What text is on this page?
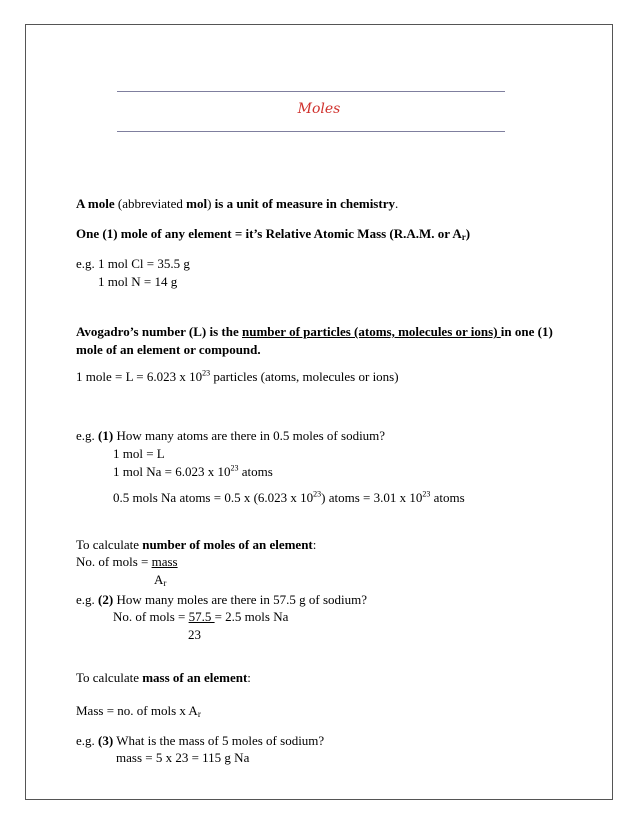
Moles
A mole (abbreviated mol) is a unit of measure in chemistry.
One (1) mole of any element = it’s Relative Atomic Mass (R.A.M. or Ar)
e.g. 1 mol Cl = 35.5 g
1 mol N = 14 g
Avogadro’s number (L) is the number of particles (atoms, molecules or ions) in one (1)
mole of an element or compound.
1 mole = L = 6.023 x $10^{23}$ particles (atoms, molecules or ions)
e.g. (1) How many atoms are there in 0.5 moles of sodium?
1 mol = L
1 mol Na = 6.023 x $10^{23}$ atoms
0.5 mols Na atoms = 0.5 x (6.023 x $10^{23}$) atoms = 3.01 x $10^{23}$ atoms
To calculate number of moles of an element:
No. of mols = mass
Ar
e.g. (2) How many moles are there in 57.5 g of sodium?
No. of mols = 57.5 = 2.5 mols Na
23
To calculate mass of an element:
Mass = no. of mols x Ar
e.g. (3) What is the mass of 5 moles of sodium?
mass = 5 x 23 = 115 g Na
